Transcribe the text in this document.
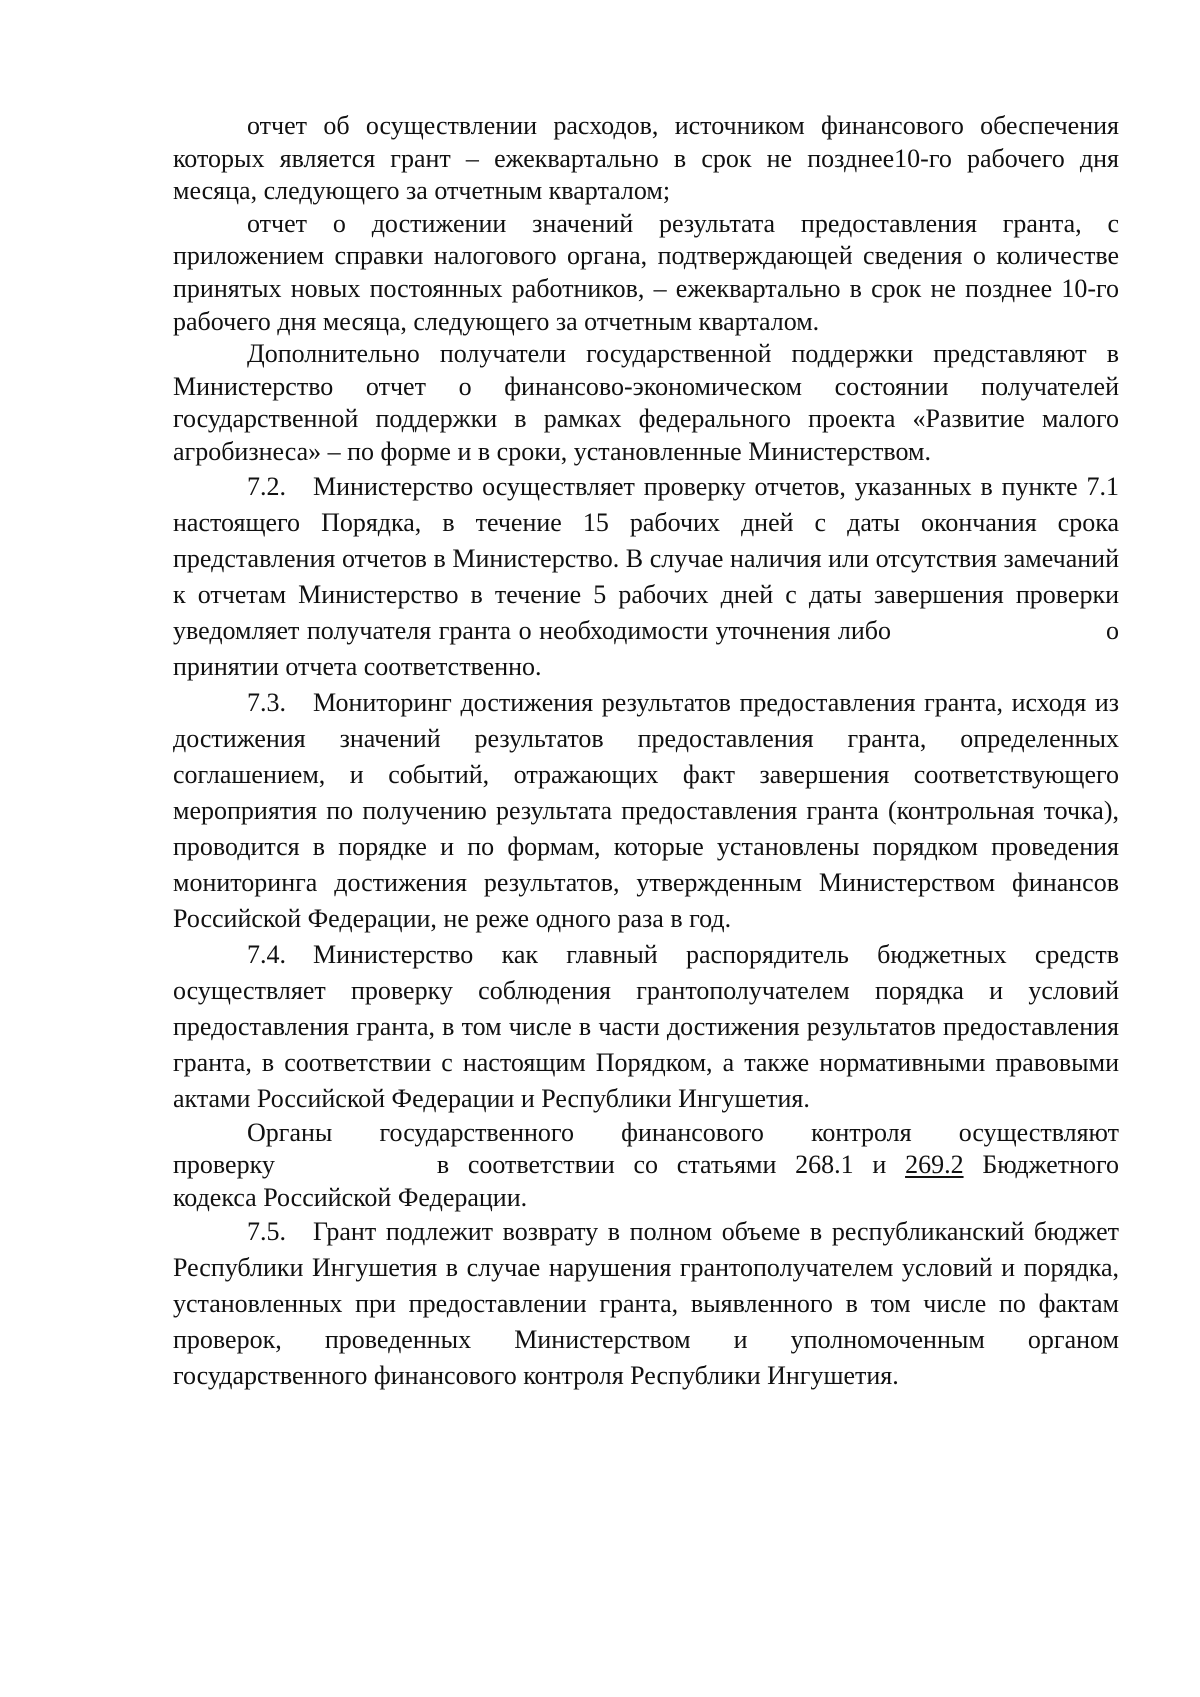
отчет об осуществлении расходов, источником финансового обеспечения которых является грант – ежеквартально в срок не позднее10-го рабочего дня месяца, следующего за отчетным кварталом;

отчет о достижении значений результата предоставления гранта, с приложением справки налогового органа, подтверждающей сведения о количестве принятых новых постоянных работников, – ежеквартально в срок не позднее 10-го рабочего дня месяца, следующего за отчетным кварталом.

Дополнительно получатели государственной поддержки представляют в Министерство отчет о финансово-экономическом состоянии получателей государственной поддержки в рамках федерального проекта «Развитие малого агробизнеса» – по форме и в сроки, установленные Министерством.

7.2. Министерство осуществляет проверку отчетов, указанных в пункте 7.1 настоящего Порядка, в течение 15 рабочих дней с даты окончания срока представления отчетов в Министерство. В случае наличия или отсутствия замечаний к отчетам Министерство в течение 5 рабочих дней с даты завершения проверки уведомляет получателя гранта о необходимости уточнения либо	о принятии отчета соответственно.

7.3. Мониторинг достижения результатов предоставления гранта, исходя из достижения значений результатов предоставления гранта, определенных соглашением, и событий, отражающих факт завершения соответствующего мероприятия по получению результата предоставления гранта (контрольная точка), проводится в порядке и по формам, которые установлены порядком проведения мониторинга достижения результатов, утвержденным Министерством финансов Российской Федерации, не реже одного раза в год.

7.4. Министерство как главный распорядитель бюджетных средств осуществляет проверку соблюдения грантополучателем порядка и условий предоставления гранта, в том числе в части достижения результатов предоставления гранта, в соответствии с настоящим Порядком, а также нормативными правовыми актами Российской Федерации и Республики Ингушетия.

Органы государственного финансового контроля осуществляют

проверку	в соответствии со статьями 268.1 и 269.2 Бюджетного кодекса Российской Федерации.

7.5. Грант подлежит возврату в полном объеме в республиканский бюджет Республики Ингушетия в случае нарушения грантополучателем условий и порядка, установленных при предоставлении гранта, выявленного в том числе по фактам проверок, проведенных Министерством и уполномоченным органом государственного финансового контроля Республики Ингушетия.
